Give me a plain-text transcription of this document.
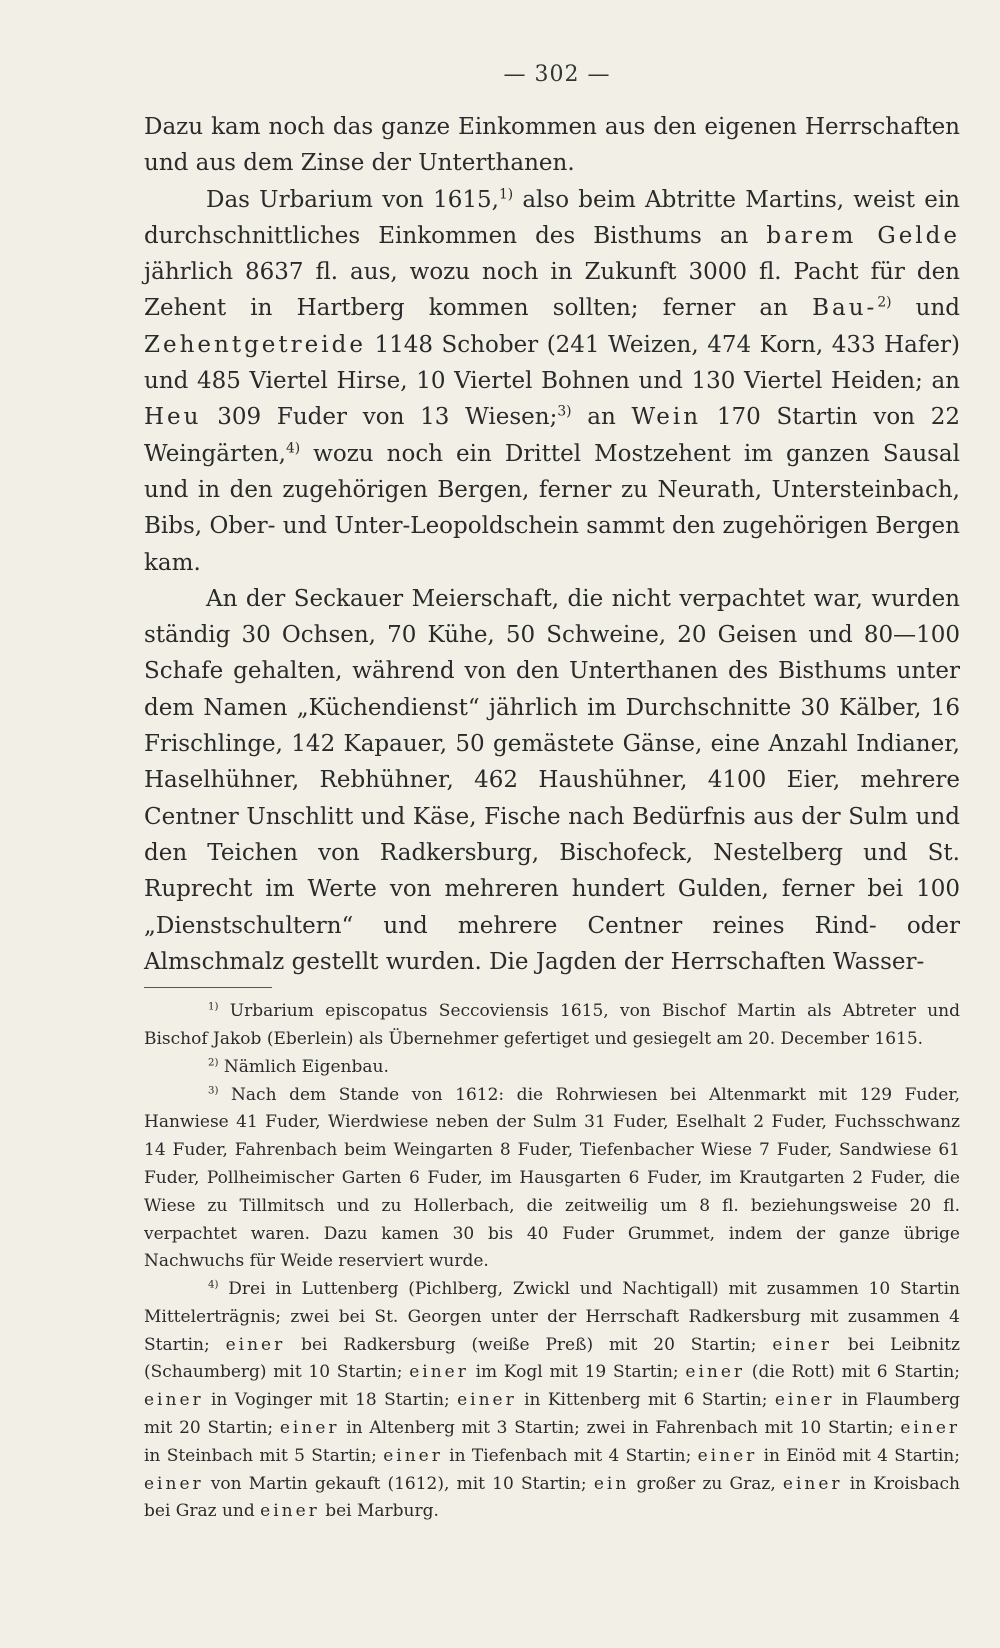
— 302 —

Dazu kam noch das ganze Einkommen aus den eigenen Herrschaften und aus dem Zinse der Unterthanen.

Das Urbarium von 1615,$^{1)}$ also beim Abtritte Martins, weist ein durchschnittliches Einkommen des Bisthums an barem Gelde jährlich 8637 fl. aus, wozu noch in Zukunft 3000 fl. Pacht für den Zehent in Hartberg kommen sollten; ferner an Bau-$^{2)}$ und Zehentgetreide 1148 Schober (241 Weizen, 474 Korn, 433 Hafer) und 485 Viertel Hirse, 10 Viertel Bohnen und 130 Viertel Heiden; an Heu 309 Fuder von 13 Wiesen;$^{3)}$ an Wein 170 Startin von 22 Weingärten,$^{4)}$ wozu noch ein Drittel Mostzehent im ganzen Sausal und in den zugehörigen Bergen, ferner zu Neurath, Untersteinbach, Bibs, Ober- und Unter-Leopoldschein sammt den zugehörigen Bergen kam.

An der Seckauer Meierschaft, die nicht verpachtet war, wurden ständig 30 Ochsen, 70 Kühe, 50 Schweine, 20 Geisen und 80—100 Schafe gehalten, während von den Unterthanen des Bisthums unter dem Namen „Küchendienst“ jährlich im Durchschnitte 30 Kälber, 16 Frischlinge, 142 Kapauer, 50 gemästete Gänse, eine Anzahl Indianer, Haselhühner, Rebhühner, 462 Haushühner, 4100 Eier, mehrere Centner Unschlitt und Käse, Fische nach Bedürfnis aus der Sulm und den Teichen von Radkersburg, Bischofeck, Nestelberg und St. Ruprecht im Werte von mehreren hundert Gulden, ferner bei 100 „Dienstschultern“ und mehrere Centner reines Rind- oder Almschmalz gestellt wurden. Die Jagden der Herrschaften Wasser-

$^{1)}$ Urbarium episcopatus Seccoviensis 1615, von Bischof Martin als Abtreter und Bischof Jakob (Eberlein) als Übernehmer gefertiget und gesiegelt am 20. December 1615.

$^{2)}$ Nämlich Eigenbau.

$^{3)}$ Nach dem Stande von 1612: die Rohrwiesen bei Altenmarkt mit 129 Fuder, Hanwiese 41 Fuder, Wierdwiese neben der Sulm 31 Fuder, Eselhalt 2 Fuder, Fuchsschwanz 14 Fuder, Fahrenbach beim Weingarten 8 Fuder, Tiefenbacher Wiese 7 Fuder, Sandwiese 61 Fuder, Pollheimischer Garten 6 Fuder, im Hausgarten 6 Fuder, im Krautgarten 2 Fuder, die Wiese zu Tillmitsch und zu Hollerbach, die zeitweilig um 8 fl. beziehungsweise 20 fl. verpachtet waren. Dazu kamen 30 bis 40 Fuder Grummet, indem der ganze übrige Nachwuchs für Weide reserviert wurde.

$^{4)}$ Drei in Luttenberg (Pichlberg, Zwickl und Nachtigall) mit zusammen 10 Startin Mittelerträgnis; zwei bei St. Georgen unter der Herrschaft Radkersburg mit zusammen 4 Startin; einer bei Radkersburg (weiße Preß) mit 20 Startin; einer bei Leibnitz (Schaumberg) mit 10 Startin; einer im Kogl mit 19 Startin; einer (die Rott) mit 6 Startin; einer in Voginger mit 18 Startin; einer in Kittenberg mit 6 Startin; einer in Flaumberg mit 20 Startin; einer in Altenberg mit 3 Startin; zwei in Fahrenbach mit 10 Startin; einer in Steinbach mit 5 Startin; einer in Tiefenbach mit 4 Startin; einer in Einöd mit 4 Startin; einer von Martin gekauft (1612), mit 10 Startin; ein großer zu Graz, einer in Kroisbach bei Graz und einer bei Marburg.
